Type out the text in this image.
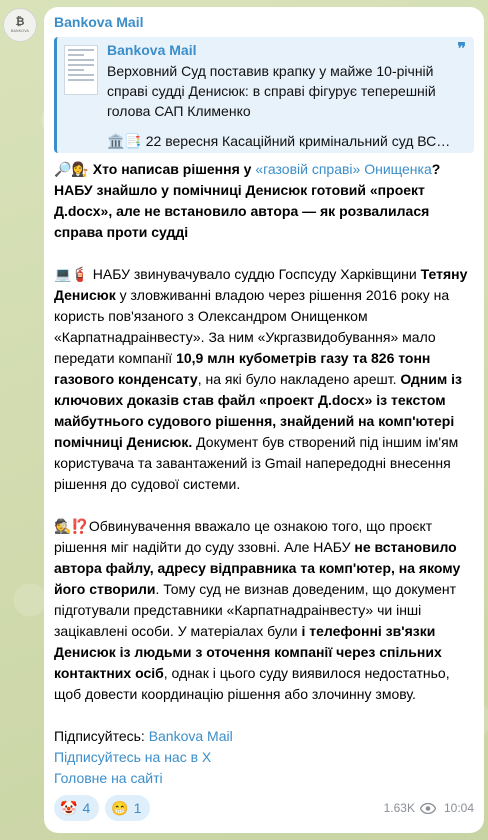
₿
BANKOVA
Bankova Mail
❞
Bankova Mail
Верховний Суд поставив крапку у майже 10-річній справі судді Денисюк: в справі фігурує теперешній голова САП Клименко
🏛️📑 22 вересня Касаційний кримінальний суд ВС…

🔎👩‍⚖️ Хто написав рішення у «газовій справі» Онищенка? НАБУ знайшло у помічниці Денисюк готовий «проект Д.docx», але не встановило автора — як розвалилася справа проти судді

💻🧯 НАБУ звинувачувало суддю Госпсуду Харківщини Тетяну Денисюк у зловживанні владою через рішення 2016 року на користь пов'язаного з Олександром Онищенком «Карпатнадраінвесту». За ним «Укргазвидобування» мало передати компанії 10,9 млн кубометрів газу та 826 тонн газового конденсату, на які було накладено арешт. Одним із ключових доказів став файл «проект Д.docx» із текстом майбутнього судового рішення, знайдений на комп'ютері помічниці Денисюк. Документ був створений під іншим ім'ям користувача та завантажений із Gmail напередодні внесення рішення до судової системи.

🕵️⁉️Обвинувачення вважало це ознакою того, що проєкт рішення міг надійти до суду ззовні. Але НАБУ не встановило автора файлу, адресу відправника та комп'ютер, на якому його створили. Тому суд не визнав доведеним, що документ підготували представники «Карпатнадраінвесту» чи інші зацікавлені особи. У матеріалах були і телефонні зв'язки Денисюк із людьми з оточення компанії через спільних контактних осіб, однак і цього суду виявилося недостатньо, щоб довести координацію рішення або злочинну змову.

Підписуйтесь: Bankova Mail
Підписуйтесь на нас в X
Головне на сайті
🤡 4 😁 1	1.63K 10:04
